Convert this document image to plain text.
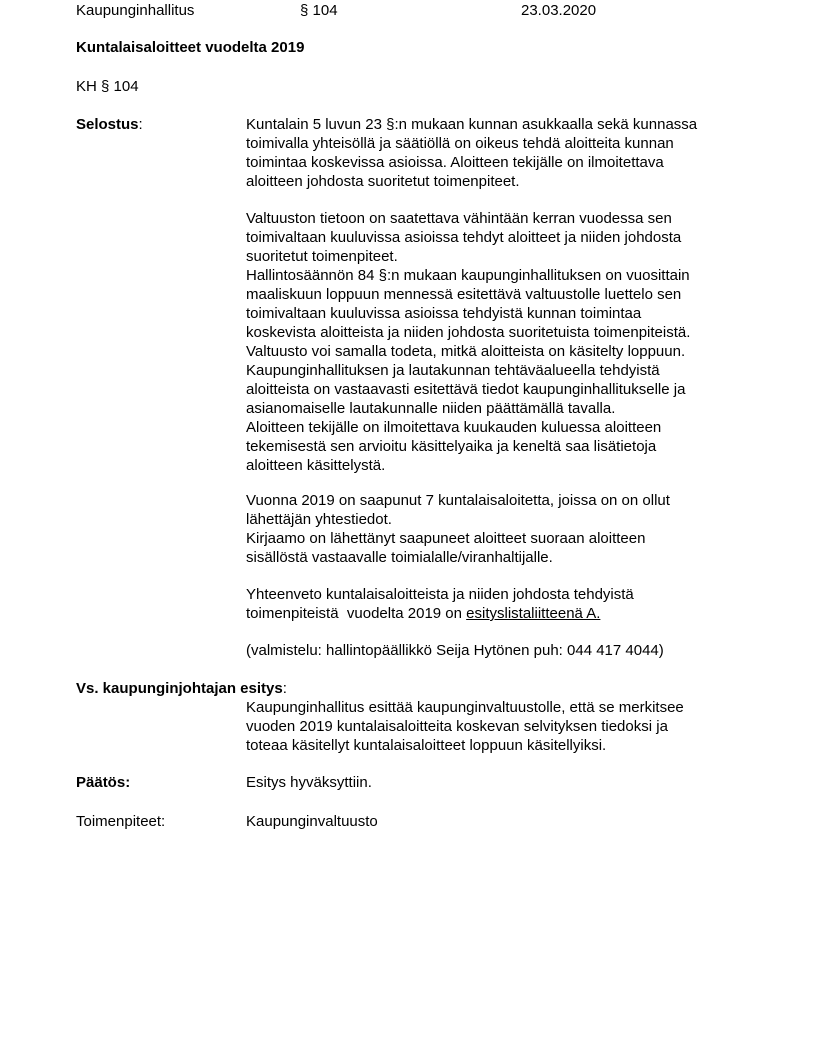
Kaupunginhallitus	§ 104	23.03.2020
Kuntalaisaloitteet vuodelta 2019
KH § 104
Selostus:	Kuntalain 5 luvun 23 §:n mukaan kunnan asukkaalla sekä kunnassa
toimivalla yhteisöllä ja säätiöllä on oikeus tehdä aloitteita kunnan
toimintaa koskevissa asioissa. Aloitteen tekijälle on ilmoitettava
aloitteen johdosta suoritetut toimenpiteet.
Valtuuston tietoon on saatettava vähintään kerran vuodessa sen
toimivaltaan kuuluvissa asioissa tehdyt aloitteet ja niiden johdosta
suoritetut toimenpiteet.
Hallintosäännön 84 §:n mukaan kaupunginhallituksen on vuosittain
maaliskuun loppuun mennessä esitettävä valtuustolle luettelo sen
toimivaltaan kuuluvissa asioissa tehdyistä kunnan toimintaa
koskevista aloitteista ja niiden johdosta suoritetuista toimenpiteistä.
Valtuusto voi samalla todeta, mitkä aloitteista on käsitelty loppuun.
Kaupunginhallituksen ja lautakunnan tehtäväalueella tehdyistä
aloitteista on vastaavasti esitettävä tiedot kaupunginhallitukselle ja
asianomaiselle lautakunnalle niiden päättämällä tavalla.
Aloitteen tekijälle on ilmoitettava kuukauden kuluessa aloitteen
tekemisestä sen arvioitu käsittelyaika ja keneltä saa lisätietoja
aloitteen käsittelystä.
Vuonna 2019 on saapunut 7 kuntalaisaloitetta, joissa on on ollut
lähettäjän yhtestiedot.
Kirjaamo on lähettänyt saapuneet aloitteet suoraan aloitteen
sisällöstä vastaavalle toimialalle/viranhaltijalle.
Yhteenveto kuntalaisaloitteista ja niiden johdosta tehdyistä
toimenpiteistä  vuodelta 2019 on esityslistaliitteenä A.
(valmistelu: hallintopäällikkö Seija Hytönen puh: 044 417 4044)
Vs. kaupunginjohtajan esitys:
Kaupunginhallitus esittää kaupunginvaltuustolle, että se merkitsee
vuoden 2019 kuntalaisaloitteita koskevan selvityksen tiedoksi ja
toteaa käsitellyt kuntalaisaloitteet loppuun käsitellyiksi.
Päätös:	Esitys hyväksyttiin.
Toimenpiteet:	Kaupunginvaltuusto
